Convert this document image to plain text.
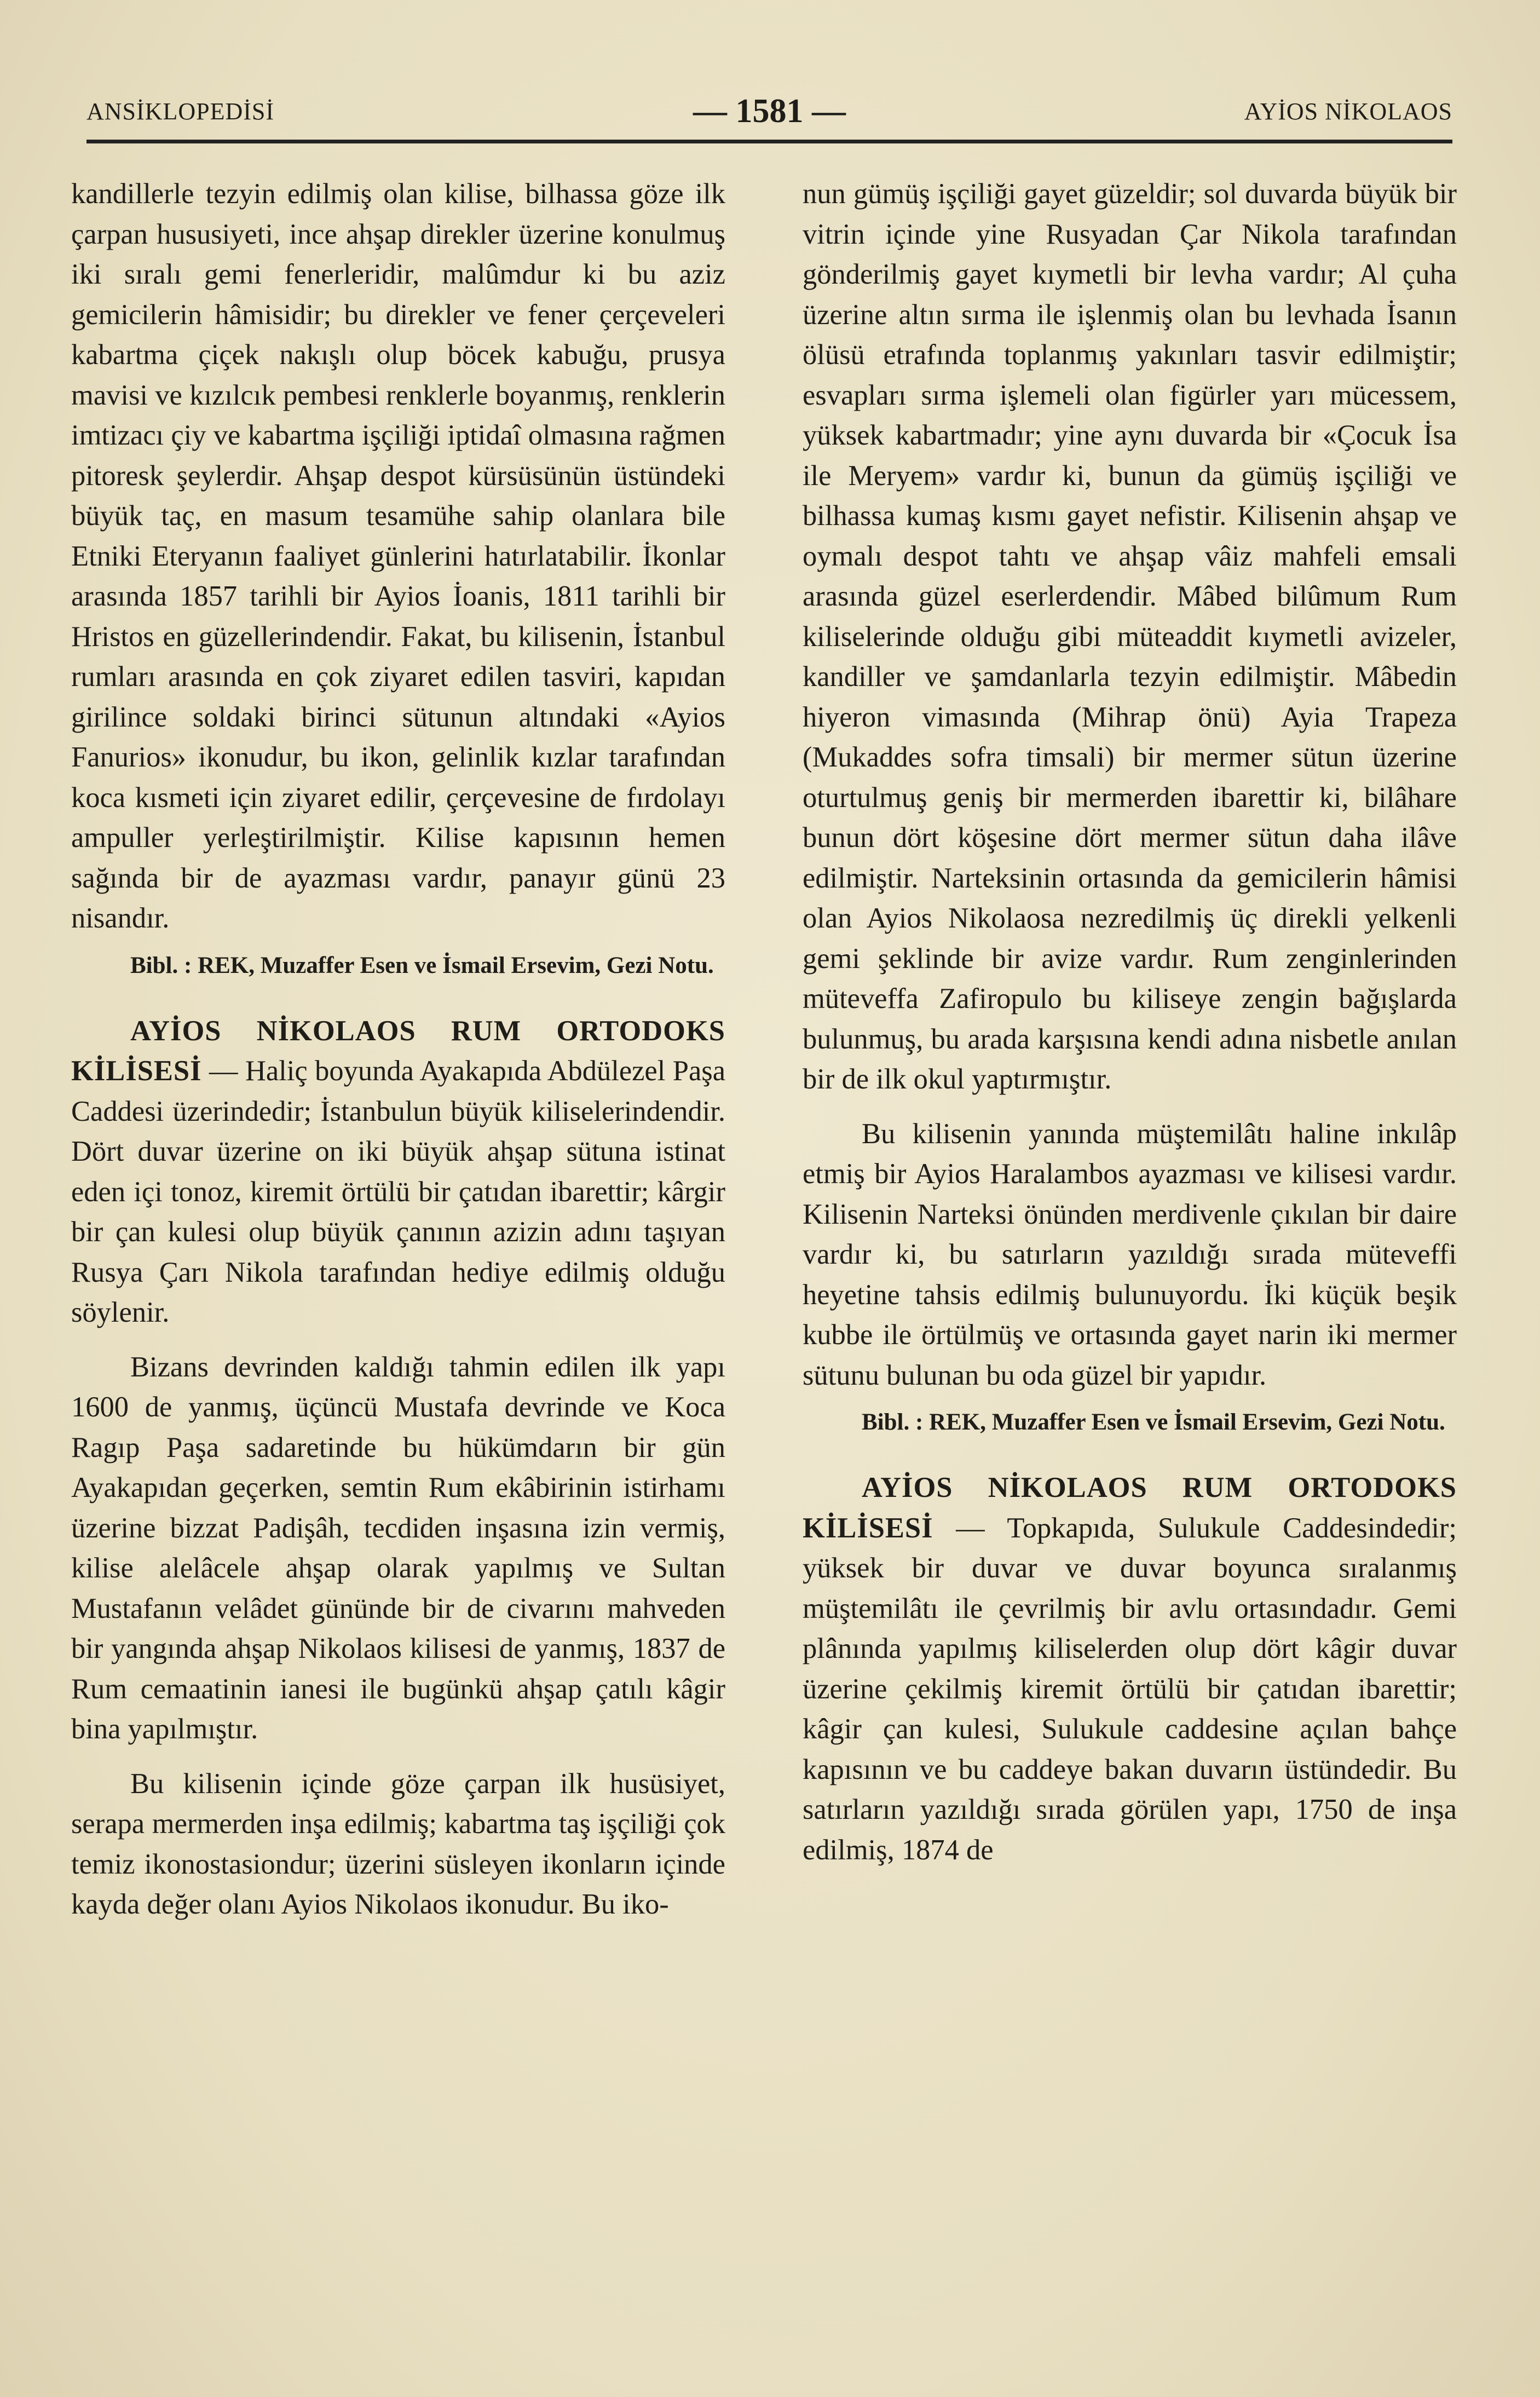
ANSİKLOPEDİSİ	— 1581 —	AYİOS NİKOLAOS

kandillerle tezyin edilmiş olan kilise, bilhassa göze ilk çarpan hususiyeti, ince ahşap direkler üzerine konulmuş iki sıralı gemi fenerleridir, malûmdur ki bu aziz gemicilerin hâmisidir; bu direkler ve fener çerçeveleri kabartma çiçek nakışlı olup böcek kabuğu, prusya mavisi ve kızılcık pembesi renklerle boyanmış, renklerin imtizacı çiy ve kabartma işçiliği iptidaî olmasına rağmen pitoresk şeylerdir. Ahşap despot kürsüsünün üstündeki büyük taç, en masum tesamühe sahip olanlara bile Etniki Eteryanın faaliyet günlerini hatırlatabilir. İkonlar arasında 1857 tarihli bir Ayios İoanis, 1811 tarihli bir Hristos en güzellerindendir. Fakat, bu kilisenin, İstanbul rumları arasında en çok ziyaret edilen tasviri, kapıdan girilince soldaki birinci sütunun altındaki «Ayios Fanurios» ikonudur, bu ikon, gelinlik kızlar tarafından koca kısmeti için ziyaret edilir, çerçevesine de fırdolayı ampuller yerleştirilmiştir. Kilise kapısının hemen sağında bir de ayazması vardır, panayır günü 23 nisandır.

Bibl. : REK, Muzaffer Esen ve İsmail Ersevim, Gezi Notu.

AYİOS NİKOLAOS RUM ORTODOKS KİLİSESİ — Haliç boyunda Ayakapıda Abdülezel Paşa Caddesi üzerindedir; İstanbulun büyük kiliselerindendir. Dört duvar üzerine on iki büyük ahşap sütuna istinat eden içi tonoz, kiremit örtülü bir çatıdan ibarettir; kârgir bir çan kulesi olup büyük çanının azizin adını taşıyan Rusya Çarı Nikola tarafından hediye edilmiş olduğu söylenir.

Bizans devrinden kaldığı tahmin edilen ilk yapı 1600 de yanmış, üçüncü Mustafa devrinde ve Koca Ragıp Paşa sadaretinde bu hükümdarın bir gün Ayakapıdan geçerken, semtin Rum ekâbirinin istirhamı üzerine bizzat Padişâh, tecdiden inşasına izin vermiş, kilise alelâcele ahşap olarak yapılmış ve Sultan Mustafanın velâdet gününde bir de civarını mahveden bir yangında ahşap Nikolaos kilisesi de yanmış, 1837 de Rum cemaatinin ianesi ile bugünkü ahşap çatılı kâgir bina yapılmıştır.

Bu kilisenin içinde göze çarpan ilk husüsiyet, serapa mermerden inşa edilmiş; kabartma taş işçiliği çok temiz ikonostasiondur; üzerini süsleyen ikonların içinde kayda değer olanı Ayios Nikolaos ikonudur. Bu iko-

nun gümüş işçiliği gayet güzeldir; sol duvarda büyük bir vitrin içinde yine Rusyadan Çar Nikola tarafından gönderilmiş gayet kıymetli bir levha vardır; Al çuha üzerine altın sırma ile işlenmiş olan bu levhada İsanın ölüsü etrafında toplanmış yakınları tasvir edilmiştir; esvapları sırma işlemeli olan figürler yarı mücessem, yüksek kabartmadır; yine aynı duvarda bir «Çocuk İsa ile Meryem» vardır ki, bunun da gümüş işçiliği ve bilhassa kumaş kısmı gayet nefistir. Kilisenin ahşap ve oymalı despot tahtı ve ahşap vâiz mahfeli emsali arasında güzel eserlerdendir. Mâbed bilûmum Rum kiliselerinde olduğu gibi müteaddit kıymetli avizeler, kandiller ve şamdanlarla tezyin edilmiştir. Mâbedin hiyeron vimasında (Mihrap önü) Ayia Trapeza (Mukaddes sofra timsali) bir mermer sütun üzerine oturtulmuş geniş bir mermerden ibarettir ki, bilâhare bunun dört köşesine dört mermer sütun daha ilâve edilmiştir. Narteksinin ortasında da gemicilerin hâmisi olan Ayios Nikolaosa nezredilmiş üç direkli yelkenli gemi şeklinde bir avize vardır. Rum zenginlerinden müteveffa Zafiropulo bu kiliseye zengin bağışlarda bulunmuş, bu arada karşısına kendi adına nisbetle anılan bir de ilk okul yaptırmıştır.

Bu kilisenin yanında müştemilâtı haline inkılâp etmiş bir Ayios Haralambos ayazması ve kilisesi vardır. Kilisenin Narteksi önünden merdivenle çıkılan bir daire vardır ki, bu satırların yazıldığı sırada müteveffi heyetine tahsis edilmiş bulunuyordu. İki küçük beşik kubbe ile örtülmüş ve ortasında gayet narin iki mermer sütunu bulunan bu oda güzel bir yapıdır.

Bibl. : REK, Muzaffer Esen ve İsmail Ersevim, Gezi Notu.

AYİOS NİKOLAOS RUM ORTODOKS KİLİSESİ — Topkapıda, Sulukule Caddesindedir; yüksek bir duvar ve duvar boyunca sıralanmış müştemilâtı ile çevrilmiş bir avlu ortasındadır. Gemi plânında yapılmış kiliselerden olup dört kâgir duvar üzerine çekilmiş kiremit örtülü bir çatıdan ibarettir; kâgir çan kulesi, Sulukule caddesine açılan bahçe kapısının ve bu caddeye bakan duvarın üstündedir. Bu satırların yazıldığı sırada görülen yapı, 1750 de inşa edilmiş, 1874 de
